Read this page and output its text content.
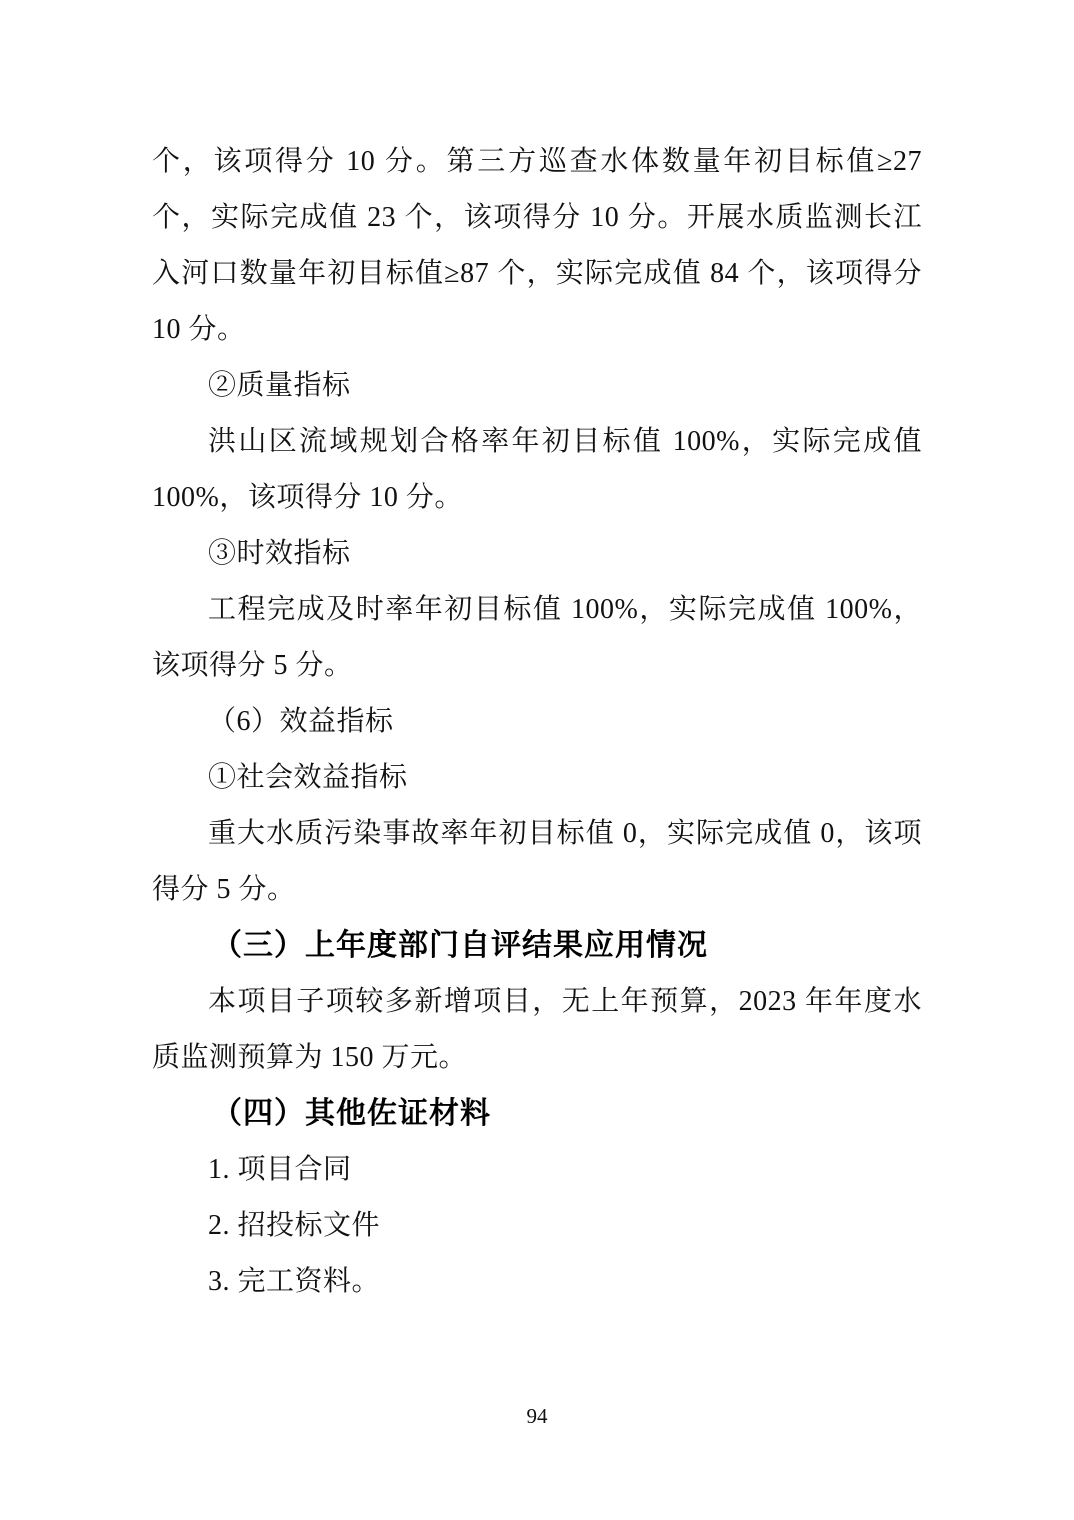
个，该项得分 10 分。第三方巡查水体数量年初目标值≥27 个，实际完成值 23 个，该项得分 10 分。开展水质监测长江入河口数量年初目标值≥87 个，实际完成值 84 个，该项得分 10 分。

②质量指标

洪山区流域规划合格率年初目标值 100%，实际完成值 100%，该项得分 10 分。

③时效指标

工程完成及时率年初目标值 100%，实际完成值 100%，该项得分 5 分。

（6）效益指标

①社会效益指标

重大水质污染事故率年初目标值 0，实际完成值 0，该项得分 5 分。

（三）上年度部门自评结果应用情况

本项目子项较多新增项目，无上年预算，2023 年年度水质监测预算为 150 万元。

（四）其他佐证材料

1. 项目合同

2. 招投标文件

3. 完工资料。

94
